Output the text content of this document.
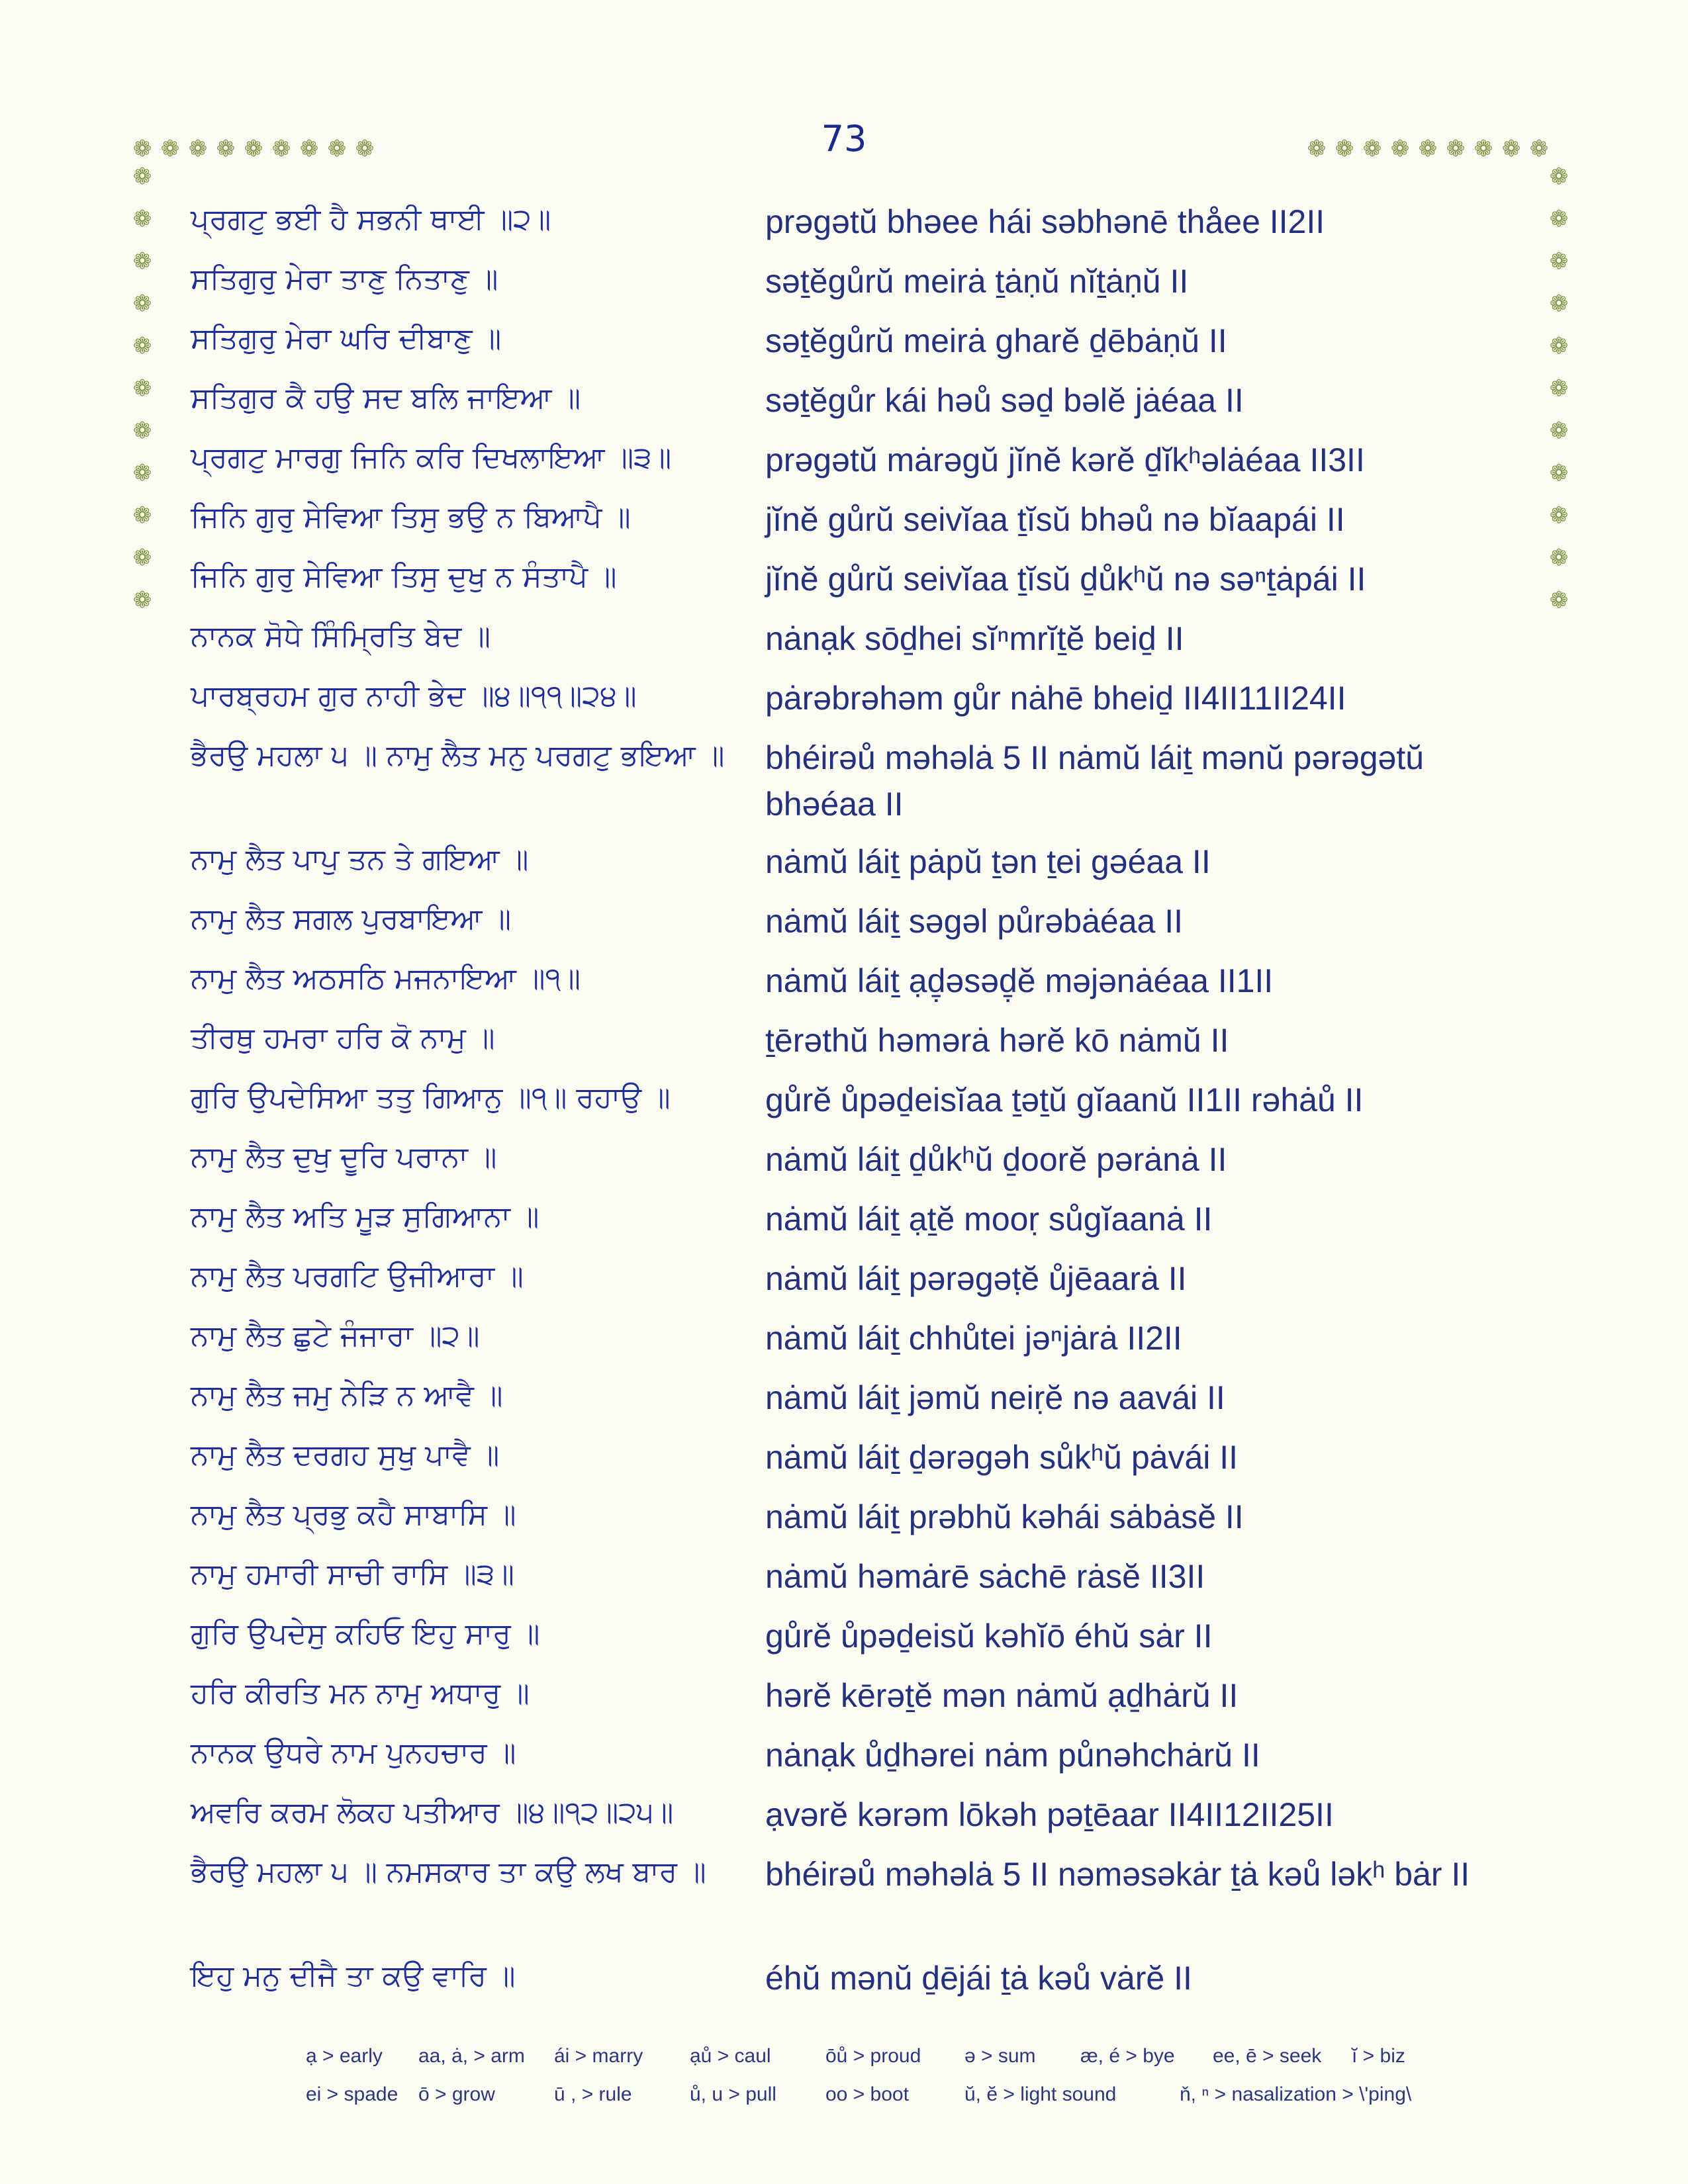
73
❁ ❁ ❁ ❁ ❁ ❁ ❁ ❁ ❁	❁ ❁ ❁ ❁ ❁ ❁ ❁ ❁ ❁
❁
❁
❁
❁
❁
❁
❁
❁
❁
❁
❁
❁
❁
❁
❁
❁
❁
❁
❁
❁
❁
❁
ਪ੍ਰਗਟੁ ਭਈ ਹੈ ਸਭਨੀ ਥਾਈ ॥੨॥	prəgətŭ bhəee hái səbhənē thåee II2II
ਸਤਿਗੁਰੁ ਮੇਰਾ ਤਾਣੁ ਨਿਤਾਣੁ ॥	səṯĕgůrŭ meirȧ ṯȧṇŭ nĭṯȧṇŭ II
ਸਤਿਗੁਰੁ ਮੇਰਾ ਘਰਿ ਦੀਬਾਣੁ ॥	səṯĕgůrŭ meirȧ gharĕ ḏēbȧṇŭ II
ਸਤਿਗੁਰ ਕੈ ਹਉ ਸਦ ਬਲਿ ਜਾਇਆ ॥	səṯĕgůr kái həů səḏ bəlĕ jȧéaa II
ਪ੍ਰਗਟੁ ਮਾਰਗੁ ਜਿਨਿ ਕਰਿ ਦਿਖਲਾਇਆ ॥੩॥	prəgətŭ mȧrəgŭ jĭnĕ kərĕ ḏĭkʰəlȧéaa II3II
ਜਿਨਿ ਗੁਰੁ ਸੇਵਿਆ ਤਿਸੁ ਭਉ ਨ ਬਿਆਪੈ ॥	jĭnĕ gůrŭ seivĭaa ṯĭsŭ bhəů nə bĭaapái II
ਜਿਨਿ ਗੁਰੁ ਸੇਵਿਆ ਤਿਸੁ ਦੁਖੁ ਨ ਸੰਤਾਪੈ ॥	jĭnĕ gůrŭ seivĭaa ṯĭsŭ ḏůkʰŭ nə səⁿṯȧpái II
ਨਾਨਕ ਸੋਧੇ ਸਿੰਮ੍ਰਿਤਿ ਬੇਦ ॥	nȧnạk sōḏhei sĭⁿmrĭṯĕ beiḏ II
ਪਾਰਬ੍ਰਹਮ ਗੁਰ ਨਾਹੀ ਭੇਦ ॥੪॥੧੧॥੨੪॥	pȧrəbrəhəm gůr nȧhē bheiḏ II4II11II24II
ਭੈਰਉ ਮਹਲਾ ੫ ॥ ਨਾਮੁ ਲੈਤ ਮਨੁ ਪਰਗਟੁ ਭਇਆ ॥	bhéirəů məhəlȧ 5 II nȧmŭ láiṯ mənŭ pərəgətŭ bhəéaa II
ਨਾਮੁ ਲੈਤ ਪਾਪੁ ਤਨ ਤੇ ਗਇਆ ॥	nȧmŭ láiṯ pȧpŭ ṯən ṯei gəéaa II
ਨਾਮੁ ਲੈਤ ਸਗਲ ਪੁਰਬਾਇਆ ॥	nȧmŭ láiṯ səgəl půrəbȧéaa II
ਨਾਮੁ ਲੈਤ ਅਠਸਠਿ ਮਜਨਾਇਆ ॥੧॥	nȧmŭ láiṯ ạḏ̣əsəḏ̣ĕ məjənȧéaa II1II
ਤੀਰਥੁ ਹਮਰਾ ਹਰਿ ਕੋ ਨਾਮੁ ॥	ṯērəthŭ həmərȧ hərĕ kō nȧmŭ II
ਗੁਰਿ ਉਪਦੇਸਿਆ ਤਤੁ ਗਿਆਨੁ ॥੧॥ ਰਹਾਉ ॥	gůrĕ ůpəḏeisĭaa ṯəṯŭ gĭaanŭ II1II rəhȧů II
ਨਾਮੁ ਲੈਤ ਦੁਖੁ ਦੂਰਿ ਪਰਾਨਾ ॥	nȧmŭ láiṯ ḏůkʰŭ ḏoorĕ pərȧnȧ II
ਨਾਮੁ ਲੈਤ ਅਤਿ ਮੂੜ ਸੁਗਿਆਨਾ ॥	nȧmŭ láiṯ ạṯĕ mooṛ sůgĭaanȧ II
ਨਾਮੁ ਲੈਤ ਪਰਗਟਿ ਉਜੀਆਰਾ ॥	nȧmŭ láiṯ pərəgəṭĕ ůjēaarȧ II
ਨਾਮੁ ਲੈਤ ਛੁਟੇ ਜੰਜਾਰਾ ॥੨॥	nȧmŭ láiṯ chhůtei jəⁿjȧrȧ II2II
ਨਾਮੁ ਲੈਤ ਜਮੁ ਨੇੜਿ ਨ ਆਵੈ ॥	nȧmŭ láiṯ jəmŭ neiṛĕ nə aavái II
ਨਾਮੁ ਲੈਤ ਦਰਗਹ ਸੁਖੁ ਪਾਵੈ ॥	nȧmŭ láiṯ ḏərəgəh sůkʰŭ pȧvái II
ਨਾਮੁ ਲੈਤ ਪ੍ਰਭੁ ਕਹੈ ਸਾਬਾਸਿ ॥	nȧmŭ láiṯ prəbhŭ kəhái sȧbȧsĕ II
ਨਾਮੁ ਹਮਾਰੀ ਸਾਚੀ ਰਾਸਿ ॥੩॥	nȧmŭ həmȧrē sȧchē rȧsĕ II3II
ਗੁਰਿ ਉਪਦੇਸੁ ਕਹਿਓ ਇਹੁ ਸਾਰੁ ॥	gůrĕ ůpəḏeisŭ kəhĭō éhŭ sȧr II
ਹਰਿ ਕੀਰਤਿ ਮਨ ਨਾਮੁ ਅਧਾਰੁ ॥	hərĕ kērəṯĕ mən nȧmŭ ạḏhȧrŭ II
ਨਾਨਕ ਉਧਰੇ ਨਾਮ ਪੁਨਹਚਾਰ ॥	nȧnạk ůḏhərei nȧm půnəhchȧrŭ II
ਅਵਰਿ ਕਰਮ ਲੋਕਹ ਪਤੀਆਰ ॥੪॥੧੨॥੨੫॥	ạvərĕ kərəm lōkəh pəṯēaar II4II12II25II
ਭੈਰਉ ਮਹਲਾ ੫ ॥ ਨਮਸਕਾਰ ਤਾ ਕਉ ਲਖ ਬਾਰ ॥	bhéirəů məhəlȧ 5 II nəməsəkȧr ṯȧ kəů ləkʰ bȧr II
ਇਹੁ ਮਨੁ ਦੀਜੈ ਤਾ ਕਉ ਵਾਰਿ ॥	éhŭ mənŭ ḏējái ṯȧ kəů vȧrĕ II
ạ > early	aa, ȧ, > arm	ái > marry	ạů > caul	ōů > proud	ə > sum	æ, é > bye	ee, ē > seek	ĭ > biz
ei > spade	ō > grow	ū , > rule	ů, u > pull	oo > boot	ŭ, ĕ > light sound	ň, ⁿ > nasalization > \'ping\
